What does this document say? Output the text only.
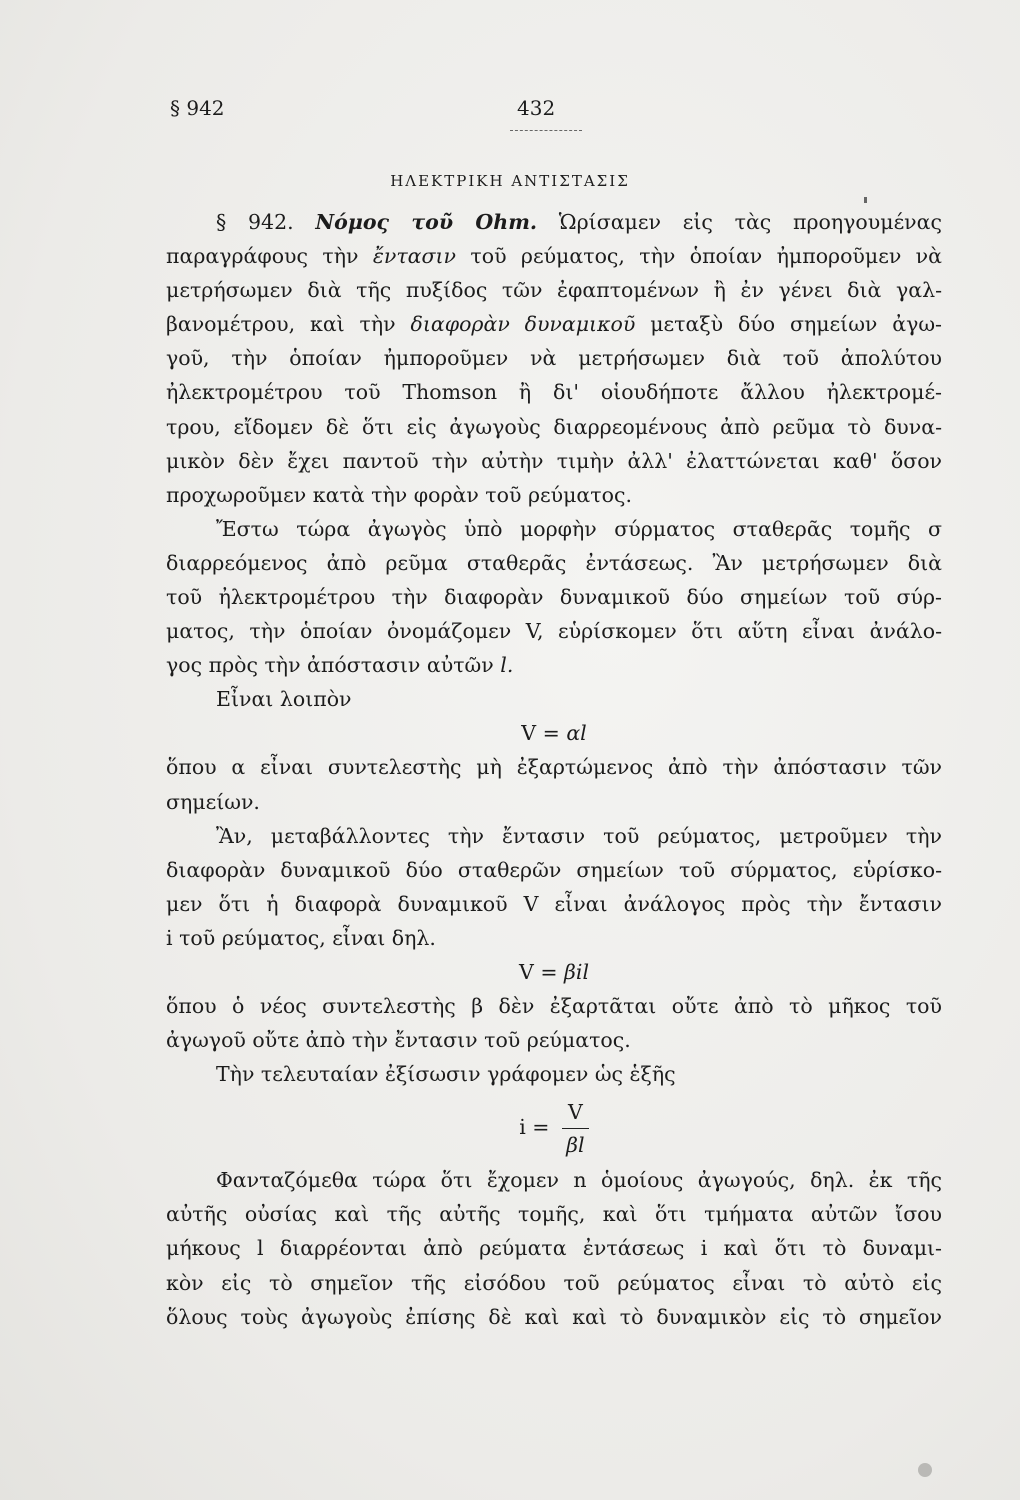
§ 942	432
ΗΛΕΚΤΡΙΚΗ ΑΝΤΙΣΤΑΣΙΣ
§ 942. Νόμος τοῦ Ohm. Ὡρίσαμεν εἰς τὰς προηγουμένας
παραγράφους τὴν ἔντασιν τοῦ ρεύματος, τὴν ὁποίαν ἠμποροῦμεν νὰ
μετρήσωμεν διὰ τῆς πυξίδος τῶν ἐφαπτομένων ἢ ἐν γένει διὰ γαλ-
βανομέτρου, καὶ τὴν διαφορὰν δυναμικοῦ μεταξὺ δύο σημείων ἀγω-
γοῦ, τὴν ὁποίαν ἠμποροῦμεν νὰ μετρήσωμεν διὰ τοῦ ἀπολύτου
ἠλεκτρομέτρου τοῦ Thomson ἢ δι' οἱουδήποτε ἄλλου ἠλεκτρομέ-
τρου, εἴδομεν δὲ ὅτι εἰς ἀγωγοὺς διαρρεομένους ἀπὸ ρεῦμα τὸ δυνα-
μικὸν δὲν ἔχει παντοῦ τὴν αὐτὴν τιμὴν ἀλλ' ἐλαττώνεται καθ' ὅσον
προχωροῦμεν κατὰ τὴν φορὰν τοῦ ρεύματος.
Ἔστω τώρα ἀγωγὸς ὑπὸ μορφὴν σύρματος σταθερᾶς τομῆς σ
διαρρεόμενος ἀπὸ ρεῦμα σταθερᾶς ἐντάσεως. Ἂν μετρήσωμεν διὰ
τοῦ ἠλεκτρομέτρου τὴν διαφορὰν δυναμικοῦ δύο σημείων τοῦ σύρ-
ματος, τὴν ὁποίαν ὀνομάζομεν V, εὑρίσκομεν ὅτι αὕτη εἶναι ἀνάλο-
γος πρὸς τὴν ἀπόστασιν αὐτῶν l.
Εἶναι λοιπὸν
V = αl
ὅπου α εἶναι συντελεστὴς μὴ ἐξαρτώμενος ἀπὸ τὴν ἀπόστασιν τῶν
σημείων.
Ἂν, μεταβάλλοντες τὴν ἔντασιν τοῦ ρεύματος, μετροῦμεν τὴν
διαφορὰν δυναμικοῦ δύο σταθερῶν σημείων τοῦ σύρματος, εὑρίσκο-
μεν ὅτι ἡ διαφορὰ δυναμικοῦ V εἶναι ἀνάλογος πρὸς τὴν ἔντασιν
i τοῦ ρεύματος, εἶναι δηλ.
V = βil
ὅπου ὁ νέος συντελεστὴς β δὲν ἐξαρτᾶται οὔτε ἀπὸ τὸ μῆκος τοῦ
ἀγωγοῦ οὔτε ἀπὸ τὴν ἔντασιν τοῦ ρεύματος.
Τὴν τελευταίαν ἐξίσωσιν γράφομεν ὡς ἑξῆς
$i = \frac{V}{\beta l}$
Φανταζόμεθα τώρα ὅτι ἔχομεν n ὁμοίους ἀγωγούς, δηλ. ἐκ τῆς
αὐτῆς οὐσίας καὶ τῆς αὐτῆς τομῆς, καὶ ὅτι τμήματα αὐτῶν ἴσου
μήκους l διαρρέονται ἀπὸ ρεύματα ἐντάσεως i καὶ ὅτι τὸ δυναμι-
κὸν εἰς τὸ σημεῖον τῆς εἰσόδου τοῦ ρεύματος εἶναι τὸ αὐτὸ εἰς
ὅλους τοὺς ἀγωγοὺς ἐπίσης δὲ καὶ καὶ τὸ δυναμικὸν εἰς τὸ σημεῖον
